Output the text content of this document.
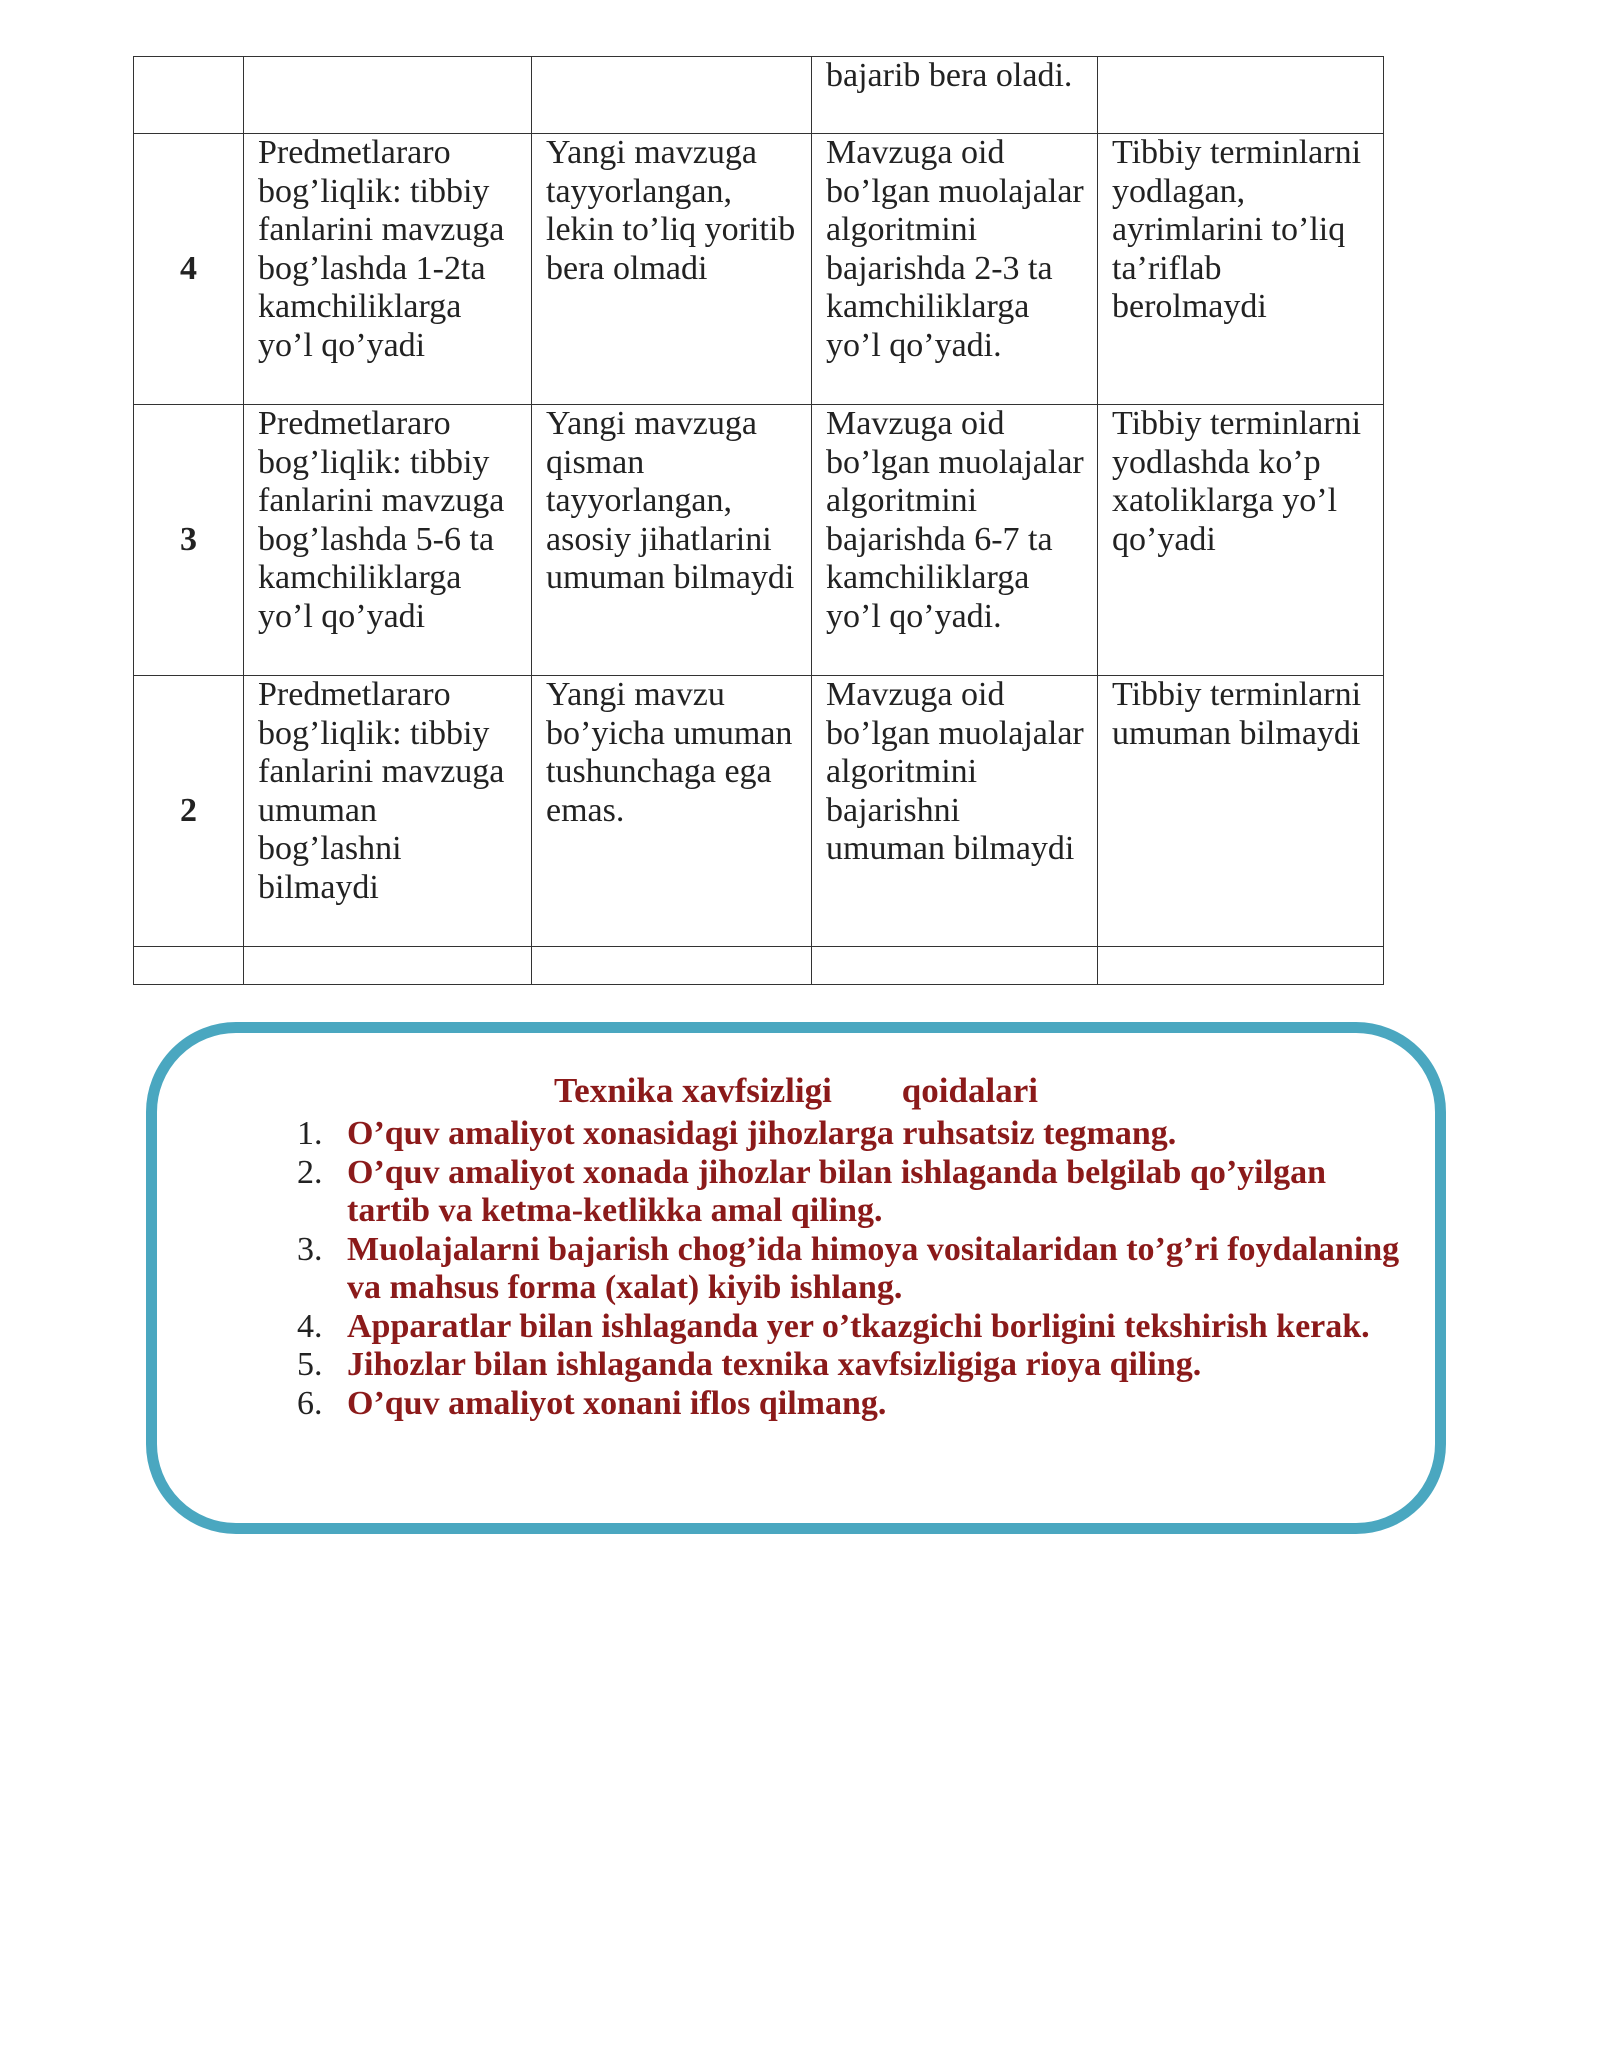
			bajarib bera oladi.	
4	Predmetlararo bog’liqlik: tibbiy fanlarini mavzuga bog’lashda 1-2ta kamchiliklarga yo’l qo’yadi	Yangi mavzuga tayyorlangan, lekin to’liq yoritib bera olmadi	Mavzuga oid bo’lgan muolajalar algoritmini bajarishda 2-3 ta kamchiliklarga yo’l qo’yadi.	Tibbiy terminlarni yodlagan, ayrimlarini to’liq ta’riflab berolmaydi
3	Predmetlararo bog’liqlik: tibbiy fanlarini mavzuga bog’lashda 5-6 ta kamchiliklarga yo’l qo’yadi	Yangi mavzuga qisman tayyorlangan, asosiy jihatlarini umuman bilmaydi	Mavzuga oid bo’lgan muolajalar algoritmini bajarishda 6-7 ta kamchiliklarga yo’l qo’yadi.	Tibbiy terminlarni yodlashda ko’p xatoliklarga yo’l qo’yadi
2	Predmetlararo bog’liqlik: tibbiy fanlarini mavzuga umuman bog’lashni bilmaydi	Yangi mavzu bo’yicha umuman tushunchaga ega emas.	Mavzuga oid bo’lgan muolajalar algoritmini bajarishni umuman bilmaydi	Tibbiy terminlarni umuman bilmaydi

Texnika xavfsizligi        qoidalari
1. O’quv amaliyot xonasidagi jihozlarga ruhsatsiz tegmang.
2. O’quv amaliyot xonada jihozlar bilan ishlaganda belgilab qo’yilgan tartib va ketma-ketlikka amal qiling.
3. Muolajalarni bajarish chog’ida himoya vositalaridan to’g’ri foydalaning va mahsus forma (xalat) kiyib ishlang.
4. Apparatlar bilan ishlaganda yer o’tkazgichi borligini tekshirish kerak.
5. Jihozlar bilan ishlaganda texnika xavfsizligiga rioya qiling.
6. O’quv amaliyot xonani iflos qilmang.
